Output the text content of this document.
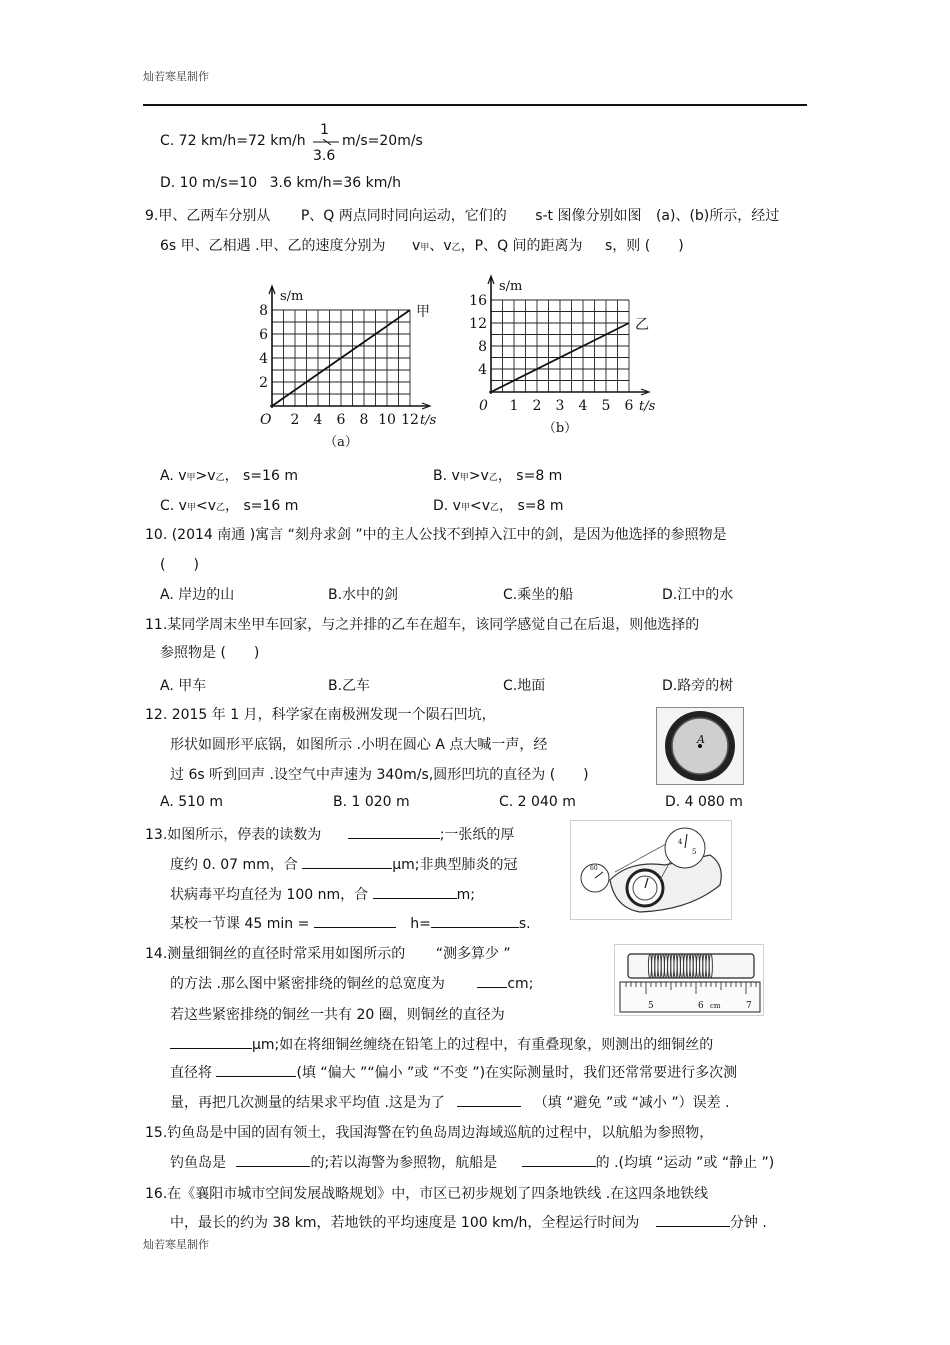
灿若寒星制作
C. 72 km/h=72 km/h
1
3.6
m/s=20m/s
D. 10 m/s=10 3.6 km/h=36 km/h
9.甲、乙两车分别从 P、Q 两点同时同向运动，它们的 s-t 图像分别如图 (a)、(b)所示，经过
6s 甲、乙相遇 .甲、乙的速度分别为 v甲、v乙，P、Q 间的距离为 s，则 (　　)
2 4 6 8 10 12
2
4
6
8
O
s/m
t/s
（a）
甲
1 2 3 4 5 6
4
8
12
16
0
s/m
t/s
（b）
乙
A. v甲>v乙， s=16 m	B. v甲>v乙， s=8 m
C. v甲<v乙， s=16 m	D. v甲<v乙， s=8 m
10. (2014 南通 )寓言 “刻舟求剑 ”中的主人公找不到掉入江中的剑，是因为他选择的参照物是
(　　)
A. 岸边的山	B.水中的剑	C.乘坐的船	D.江中的水
11.某同学周末坐甲车回家，与之并排的乙车在超车，该同学感觉自己在后退，则他选择的
参照物是 (　　)
A. 甲车	B.乙车	C.地面	D.路旁的树
12. 2015 年 1 月，科学家在南极洲发现一个陨石凹坑，
形状如圆形平底锅，如图所示 .小明在圆心 A 点大喊一声，经
过 6s 听到回声 .设空气中声速为 340m/s,圆形凹坑的直径为 (　　)
A. 510 m	B. 1 020 m	C. 2 040 m	D. 4 080 m
A
13.如图所示，停表的读数为	;一张纸的厚
度约 0. 07 mm，合	μm;非典型肺炎的冠
状病毒平均直径为 100 nm，合	m;
某校一节课 45 min =	h=	s.
4
5
60
14.测量细铜丝的直径时常采用如图所示的 “测多算少 ”
的方法 .那么图中紧密排绕的铜丝的总宽度为	cm;
若这些紧密排绕的铜丝一共有 20 圈，则铜丝的直径为
μm;如在将细铜丝缠绕在铅笔上的过程中，有重叠现象，则测出的细铜丝的
直径将	(填 “偏大 ”“偏小 ”或 “不变 ”)在实际测量时，我们还常常要进行多次测
量，再把几次测量的结果求平均值 .这是为了	（填 “避免 ”或 “减小 ”）误差 .
5	6 cm	7
15.钓鱼岛是中国的固有领土，我国海警在钓鱼岛周边海域巡航的过程中，以航船为参照物，
钓鱼岛是	的;若以海警为参照物，航船是	的 .(均填 “运动 ”或 “静止 ”)
16.在《襄阳市城市空间发展战略规划》中，市区已初步规划了四条地铁线 .在这四条地铁线
中，最长的约为 38 km，若地铁的平均速度是 100 km/h，全程运行时间为	分钟 .
灿若寒星制作
